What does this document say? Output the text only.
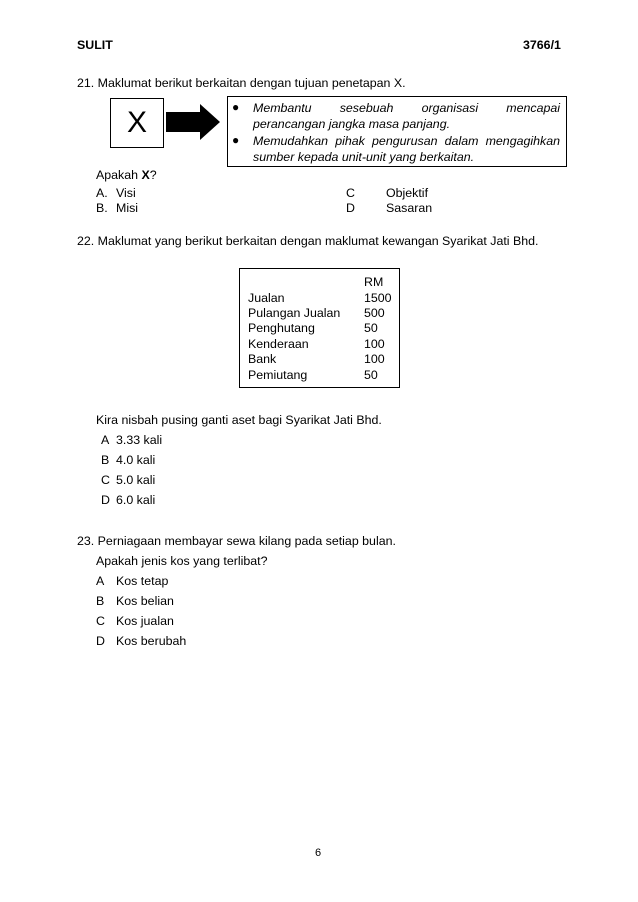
SULIT	3766/1
21. Maklumat berikut berkaitan dengan tujuan penetapan X.
X	● Membantu sesebuah organisasi mencapai perancangan jangka masa panjang.
● Memudahkan pihak pengurusan dalam mengagihkan sumber kepada unit-unit yang berkaitan.
Apakah X?
A. Visi
B. Misi
C	Objektif
D	Sasaran
22. Maklumat yang berikut berkaitan dengan maklumat kewangan Syarikat Jati Bhd.
RM
Jualan	1500
Pulangan Jualan 500
Penghutang	50
Kenderaan	100
Bank	100
Pemiutang	50
Kira nisbah pusing ganti aset bagi Syarikat Jati Bhd.
A 3.33 kali
B 4.0 kali
C 5.0 kali
D 6.0 kali
23. Perniagaan membayar sewa kilang pada setiap bulan.
Apakah jenis kos yang terlibat?
A Kos tetap
B Kos belian
C Kos jualan
D Kos berubah
6
